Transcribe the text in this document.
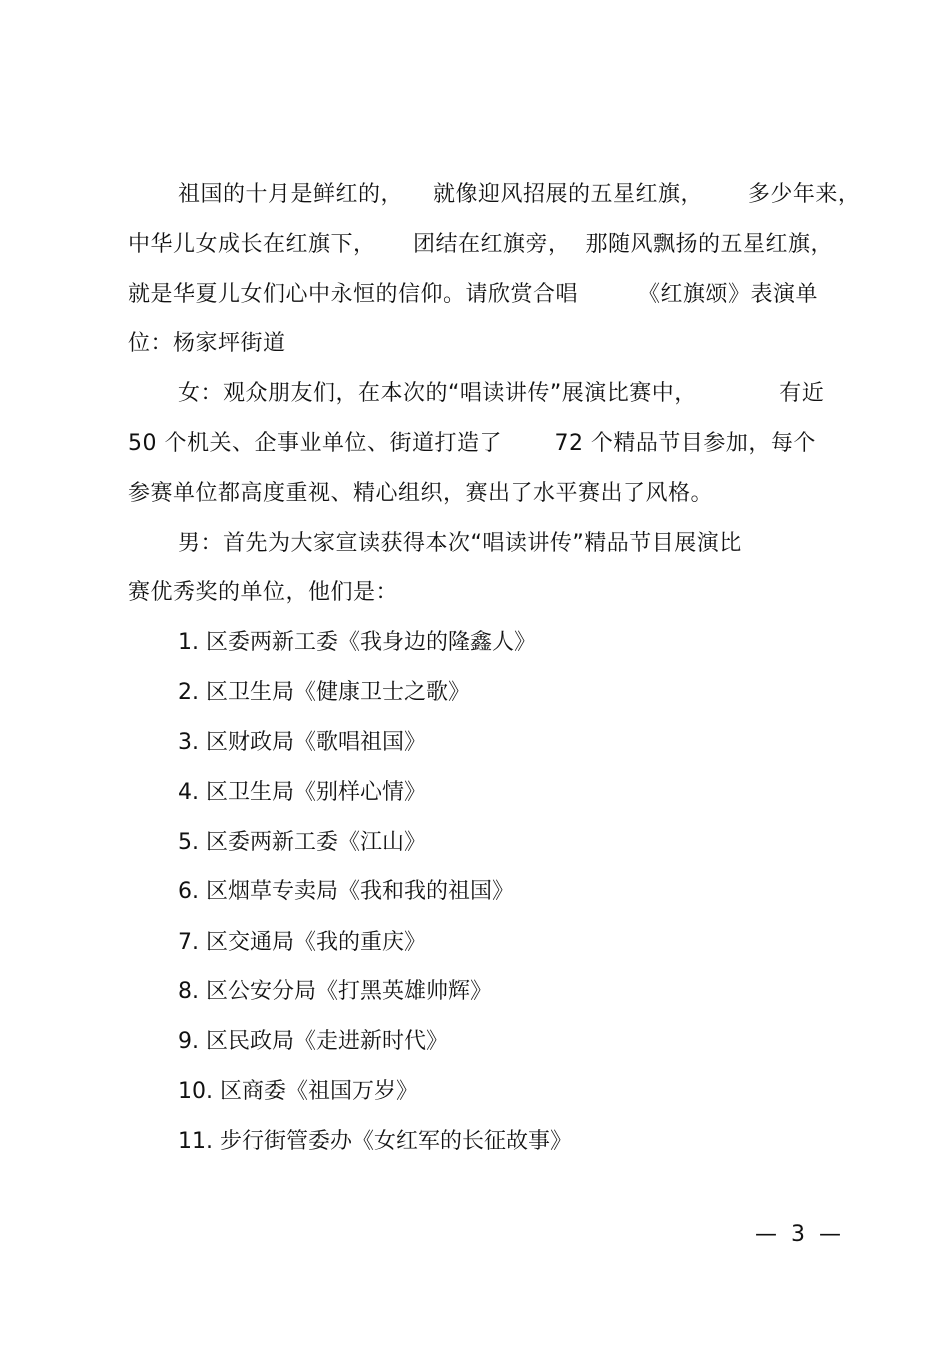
祖国的十月是鲜红的，    就像迎风招展的五星红旗，      多少年来，
中华儿女成长在红旗下，     团结在红旗旁，  那随风飘扬的五星红旗，
就是华夏儿女们心中永恒的信仰。请欣赏合唱        《红旗颂》表演单
位：杨家坪街道
女：观众朋友们，在本次的“唱读讲传”展演比赛中，           有近
50 个机关、企事业单位、街道打造了       72 个精品节目参加，每个
参赛单位都高度重视、精心组织，赛出了水平赛出了风格。
男：首先为大家宣读获得本次“唱读讲传”精品节目展演比
赛优秀奖的单位，他们是：
1. 区委两新工委《我身边的隆鑫人》
2. 区卫生局《健康卫士之歌》
3. 区财政局《歌唱祖国》
4. 区卫生局《别样心情》
5. 区委两新工委《江山》
6. 区烟草专卖局《我和我的祖国》
7. 区交通局《我的重庆》
8. 区公安分局《打黑英雄帅辉》
9. 区民政局《走进新时代》
10. 区商委《祖国万岁》
11. 步行街管委办《女红军的长征故事》
—  3  —
